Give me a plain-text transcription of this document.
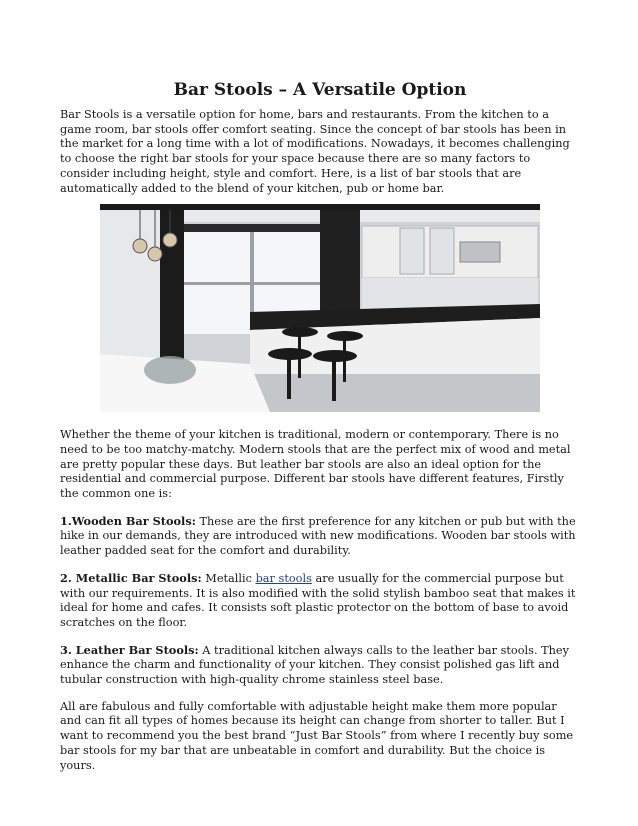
Bar Stools – A Versatile Option

Bar Stools is a versatile option for home, bars and restaurants. From the kitchen to a game room, bar stools offer comfort seating. Since the concept of bar stools has been in the market for a long time with a lot of modifications. Nowadays, it becomes challenging to choose the right bar stools for your space because there are so many factors to consider including height, style and comfort. Here, is a list of bar stools that are automatically added to the blend of your kitchen, pub or home bar.

Whether the theme of your kitchen is traditional, modern or contemporary. There is no need to be too matchy-matchy. Modern stools that are the perfect mix of wood and metal are pretty popular these days. But leather bar stools are also an ideal option for the residential and commercial purpose. Different bar stools have different features, Firstly the common one is:

1.Wooden Bar Stools: These are the first preference for any kitchen or pub but with the hike in our demands, they are introduced with new modifications. Wooden bar stools with leather padded seat for the comfort and durability.

2. Metallic Bar Stools: Metallic bar stools are usually for the commercial purpose but with our requirements. It is also modified with the solid stylish bamboo seat that makes it ideal for home and cafes. It consists soft plastic protector on the bottom of base to avoid scratches on the floor.

3. Leather Bar Stools: A traditional kitchen always calls to the leather bar stools. They enhance the charm and functionality of your kitchen. They consist polished gas lift and tubular construction with high-quality chrome stainless steel base.

All are fabulous and fully comfortable with adjustable height make them more popular and can fit all types of homes because its height can change from shorter to taller. But I want to recommend you the best brand “Just Bar Stools” from where I recently buy some bar stools for my bar that are unbeatable in comfort and durability. But the choice is yours.
